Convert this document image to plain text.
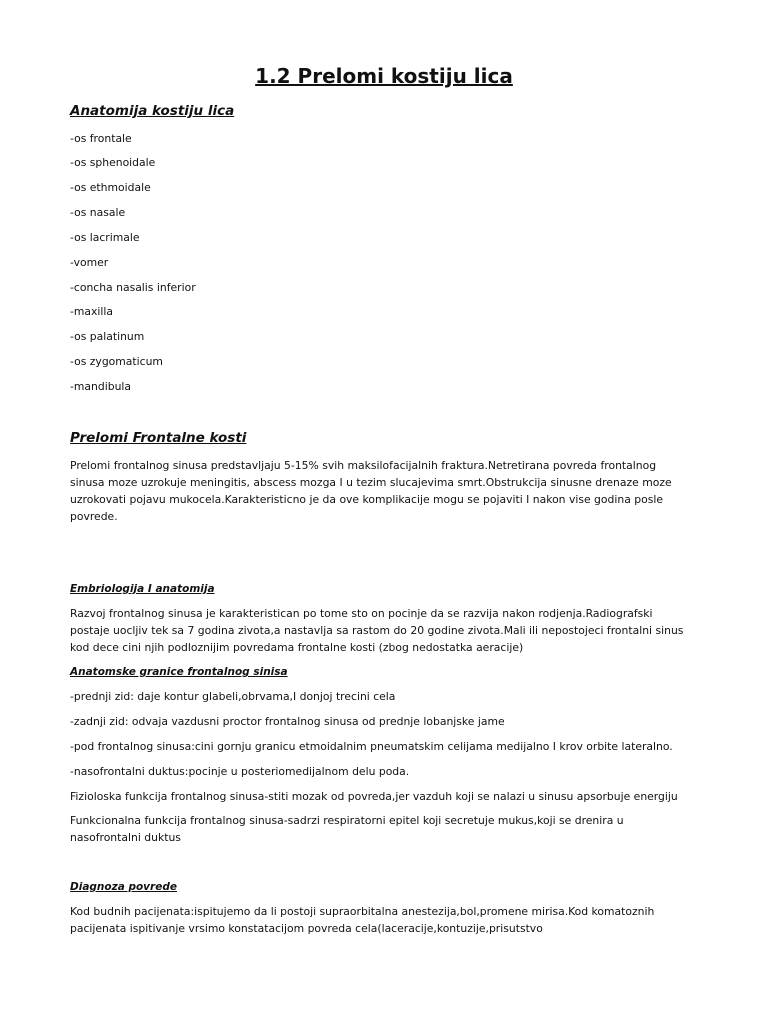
1.2 Prelomi kostiju lica
Anatomija kostiju lica

-os frontale

-os sphenoidale

-os ethmoidale

-os nasale

-os lacrimale

-vomer

-concha nasalis inferior

-maxilla

-os palatinum

-os zygomaticum

-mandibula

Prelomi Frontalne kosti

Prelomi frontalnog sinusa predstavljaju 5-15% svih maksilofacijalnih fraktura.Netretirana povreda frontalnog sinusa moze uzrokuje meningitis, abscess mozga I u tezim slucajevima smrt.Obstrukcija sinusne drenaze moze uzrokovati pojavu mukocela.Karakteristicno je da ove komplikacije mogu se pojaviti I nakon vise godina posle povrede.

Embriologija I anatomija

Razvoj frontalnog sinusa je karakteristican po tome sto on pocinje da se razvija nakon rodjenja.Radiografski postaje uocljiv tek sa 7 godina zivota,a nastavlja sa rastom do 20 godine zivota.Mali ili nepostojeci frontalni sinus kod dece cini njih podloznijim povredama frontalne kosti (zbog nedostatka aeracije)

Anatomske granice frontalnog sinisa

-prednji zid: daje kontur glabeli,obrvama,I donjoj trecini cela

-zadnji zid: odvaja vazdusni proctor frontalnog sinusa od prednje lobanjske jame

-pod frontalnog sinusa:cini gornju granicu etmoidalnim pneumatskim celijama medijalno I krov orbite lateralno.

-nasofrontalni duktus:pocinje u posteriomedijalnom delu poda.

Fizioloska funkcija frontalnog sinusa-stiti mozak od povreda,jer vazduh koji se nalazi u sinusu apsorbuje energiju

Funkcionalna funkcija frontalnog sinusa-sadrzi respiratorni epitel koji secretuje mukus,koji se drenira u nasofrontalni duktus

Diagnoza povrede

Kod budnih pacijenata:ispitujemo da li postoji supraorbitalna anestezija,bol,promene mirisa.Kod komatoznih pacijenata ispitivanje vrsimo konstatacijom povreda cela(laceracije,kontuzije,prisutstvo
